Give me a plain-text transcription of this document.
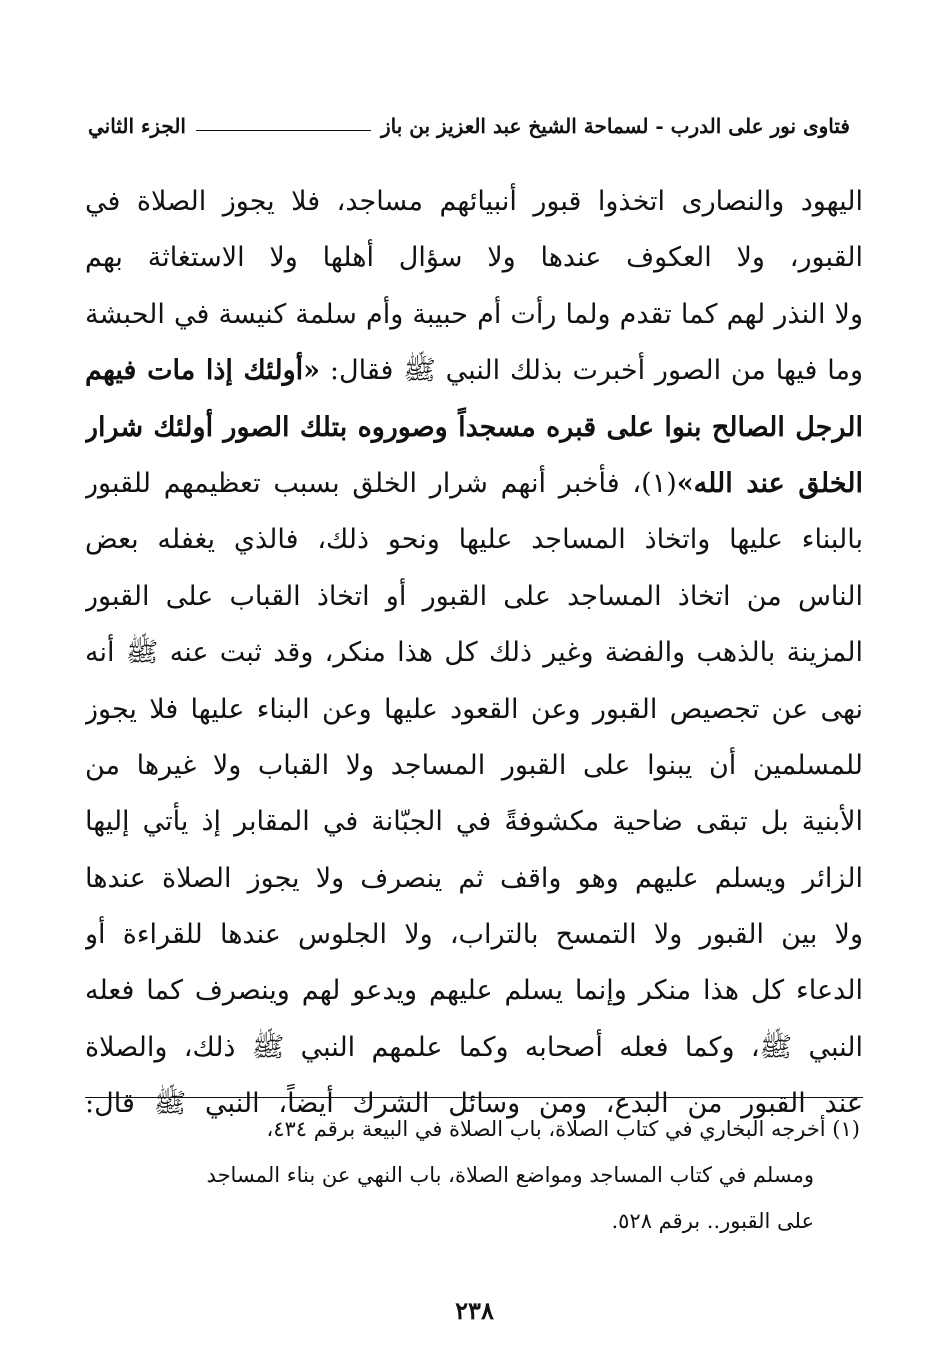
فتاوى نور على الدرب - لسماحة الشيخ عبد العزيز بن باز
الجزء الثاني
اليهود والنصارى اتخذوا قبور أنبيائهم مساجد، فلا يجوز الصلاة في
القبور، ولا العكوف عندها ولا سؤال أهلها ولا الاستغاثة بهم
ولا النذر لهم كما تقدم ولما رأت أم حبيبة وأم سلمة كنيسة في الحبشة
وما فيها من الصور أخبرت بذلك النبي ﷺ فقال: «أولئك إذا مات فيهم
الرجل الصالح بنوا على قبره مسجداً وصوروه بتلك الصور أولئك شرار
الخلق عند الله»(١)، فأخبر أنهم شرار الخلق بسبب تعظيمهم للقبور
بالبناء عليها واتخاذ المساجد عليها ونحو ذلك، فالذي يغفله بعض
الناس من اتخاذ المساجد على القبور أو اتخاذ القباب على القبور
المزينة بالذهب والفضة وغير ذلك كل هذا منكر، وقد ثبت عنه ﷺ أنه
نهى عن تجصيص القبور وعن القعود عليها وعن البناء عليها فلا يجوز
للمسلمين أن يبنوا على القبور المساجد ولا القباب ولا غيرها من
الأبنية بل تبقى ضاحية مكشوفةً في الجبّانة في المقابر إذ يأتي إليها
الزائر ويسلم عليهم وهو واقف ثم ينصرف ولا يجوز الصلاة عندها
ولا بين القبور ولا التمسح بالتراب، ولا الجلوس عندها للقراءة أو
الدعاء كل هذا منكر وإنما يسلم عليهم ويدعو لهم وينصرف كما فعله
النبي ﷺ، وكما فعله أصحابه وكما علمهم النبي ﷺ ذلك، والصلاة
عند القبور من البدع، ومن وسائل الشرك أيضاً، النبي ﷺ قال:
(١) أخرجه البخاري في كتاب الصلاة، باب الصلاة في البيعة برقم ٤٣٤،
ومسلم في كتاب المساجد ومواضع الصلاة، باب النهي عن بناء المساجد
على القبور.. برقم ٥٢٨.
٢٣٨
